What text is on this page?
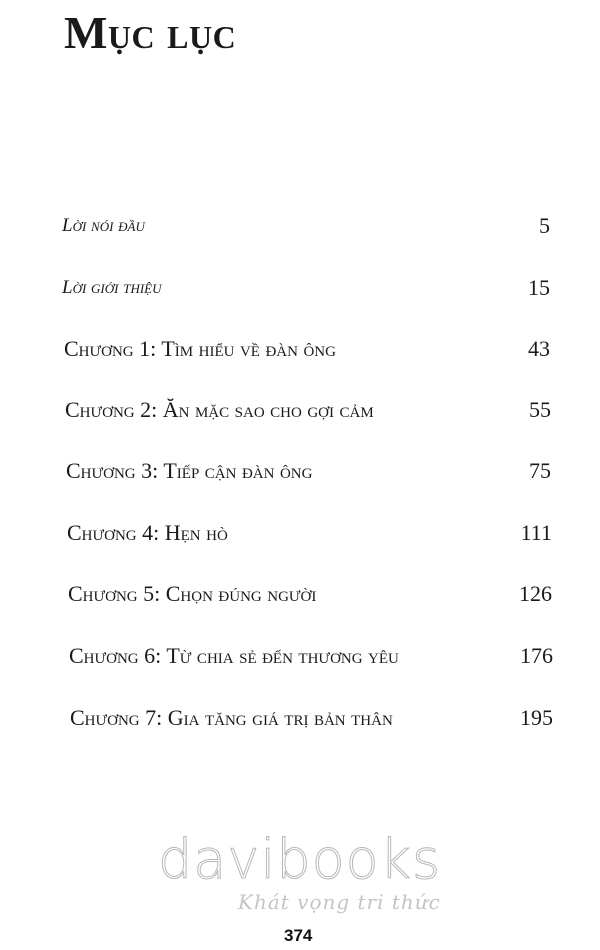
Mục lục
Lời nói đầu	5
Lời giới thiệu	15
Chương 1: Tìm hiểu về đàn ông	43
Chương 2: Ăn mặc sao cho gợi cảm	55
Chương 3: Tiếp cận đàn ông	75
Chương 4: Hẹn hò	111
Chương 5: Chọn đúng người	126
Chương 6: Từ chia sẻ đến thương yêu	176
Chương 7: Gia tăng giá trị bản thân	195
davibooks
Khát vọng tri thức
374
